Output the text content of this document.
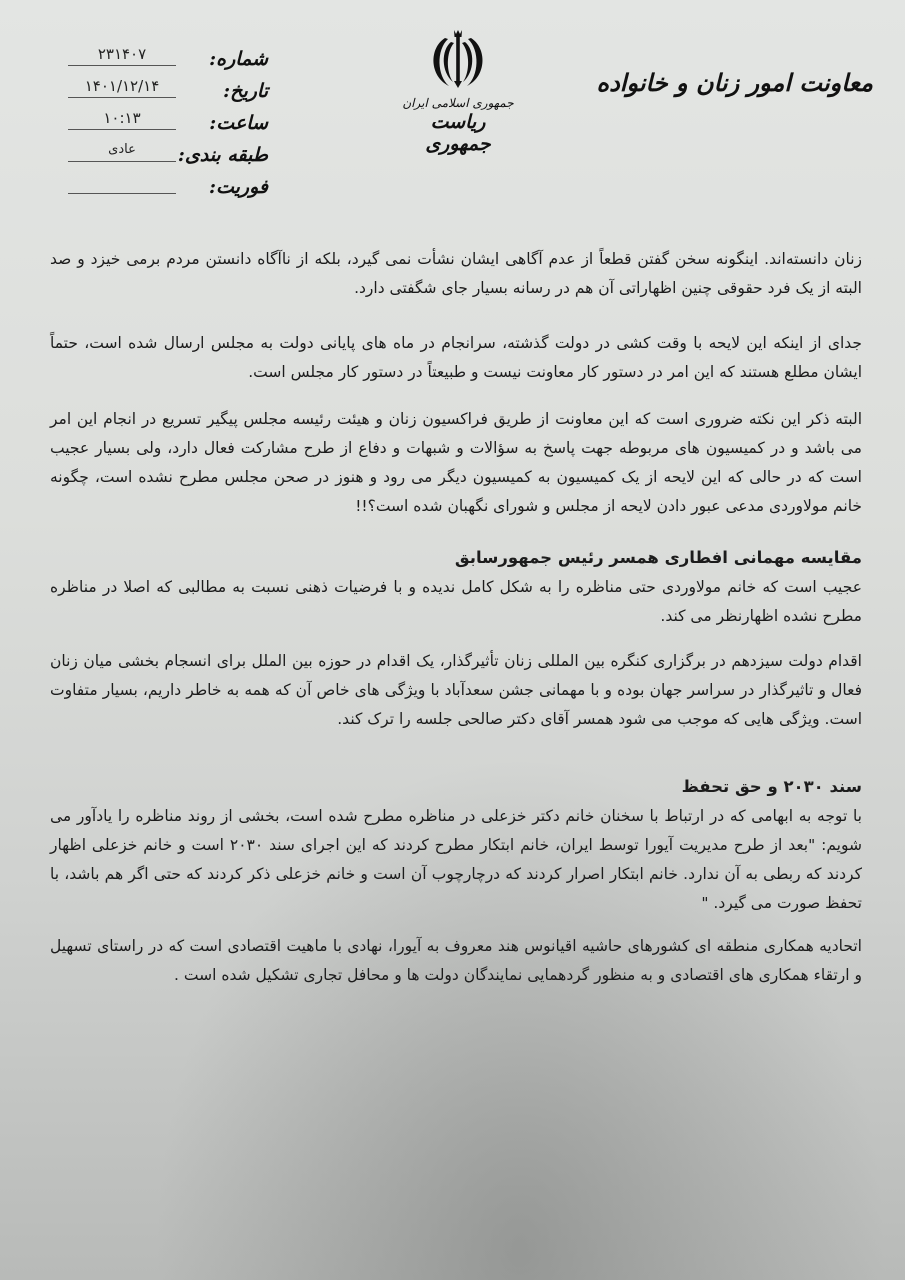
شماره:
۲۳۱۴۰۷
تاریخ:
۱۴۰۱/۱۲/۱۴
ساعت:
۱۰:۱۳
طبقه بندی:
عادی
فوریت:
جمهوری اسلامی ایران
ریاست جمهوری
معاونت امور زنان و خانواده

زنان دانسته‌اند. اینگونه سخن گفتن قطعاً از عدم آگاهی ایشان نشأت نمی گیرد، بلکه از ناآگاه دانستن مردم برمی خیزد و صد البته از یک فرد حقوقی چنین اظهاراتی آن هم در رسانه بسیار جای شگفتی دارد.

جدای از اینکه این لایحه با وقت کشی در دولت گذشته، سرانجام در ماه های پایانی دولت به مجلس ارسال شده است، حتماً ایشان مطلع هستند که این امر در دستور کار معاونت نیست و طبیعتاً در دستور کار مجلس است.

البته ذکر این نکته ضروری است که این معاونت از طریق فراکسیون زنان و هیئت رئیسه مجلس پیگیر تسریع در انجام این امر می باشد و در کمیسیون های مربوطه جهت پاسخ به سؤالات و شبهات و دفاع از طرح مشارکت فعال دارد، ولی بسیار عجیب است که در حالی که این لایحه از یک کمیسیون به کمیسیون دیگر می رود و هنوز در صحن مجلس مطرح نشده است، چگونه خانم مولاوردی مدعی عبور دادن لایحه از مجلس و شورای نگهبان شده است؟!!

مقایسه مهمانی افطاری همسر رئیس جمهورسابق

عجیب است که خانم مولاوردی حتی مناظره را به شکل کامل ندیده و با فرضیات ذهنی نسبت به مطالبی که اصلا در مناظره مطرح نشده اظهارنظر می کند.

اقدام دولت سیزدهم در برگزاری کنگره بین المللی زنان تأثیرگذار، یک اقدام در حوزه بین الملل برای انسجام بخشی میان زنان فعال و تاثیرگذار در سراسر جهان بوده و با مهمانی جشن سعدآباد با ویژگی های خاص آن که همه به خاطر داریم، بسیار متفاوت است. ویژگی هایی که موجب می شود همسر آقای دکتر صالحی جلسه را ترک کند.

سند ۲۰۳۰ و حق تحفظ

با توجه به ابهامی که در ارتباط با سخنان خانم دکتر خزعلی در مناظره مطرح شده است، بخشی از روند مناظره را یادآور می شویم: "بعد از طرح مدیریت آیورا توسط ایران، خانم ابتکار مطرح کردند که این اجرای سند ۲۰۳۰ است و خانم خزعلی اظهار کردند که ربطی به آن ندارد. خانم ابتکار اصرار کردند که درچارچوب آن است و خانم خزعلی ذکر کردند که حتی اگر هم باشد، با تحفظ صورت می گیرد. "

اتحادیه همکاری منطقه ای کشورهای حاشیه اقیانوس هند معروف به آیورا، نهادی با ماهیت اقتصادی است که در راستای تسهیل و ارتقاء همکاری های اقتصادی و به منظور گردهمایی نمایندگان دولت ها و محافل تجاری تشکیل شده است .
